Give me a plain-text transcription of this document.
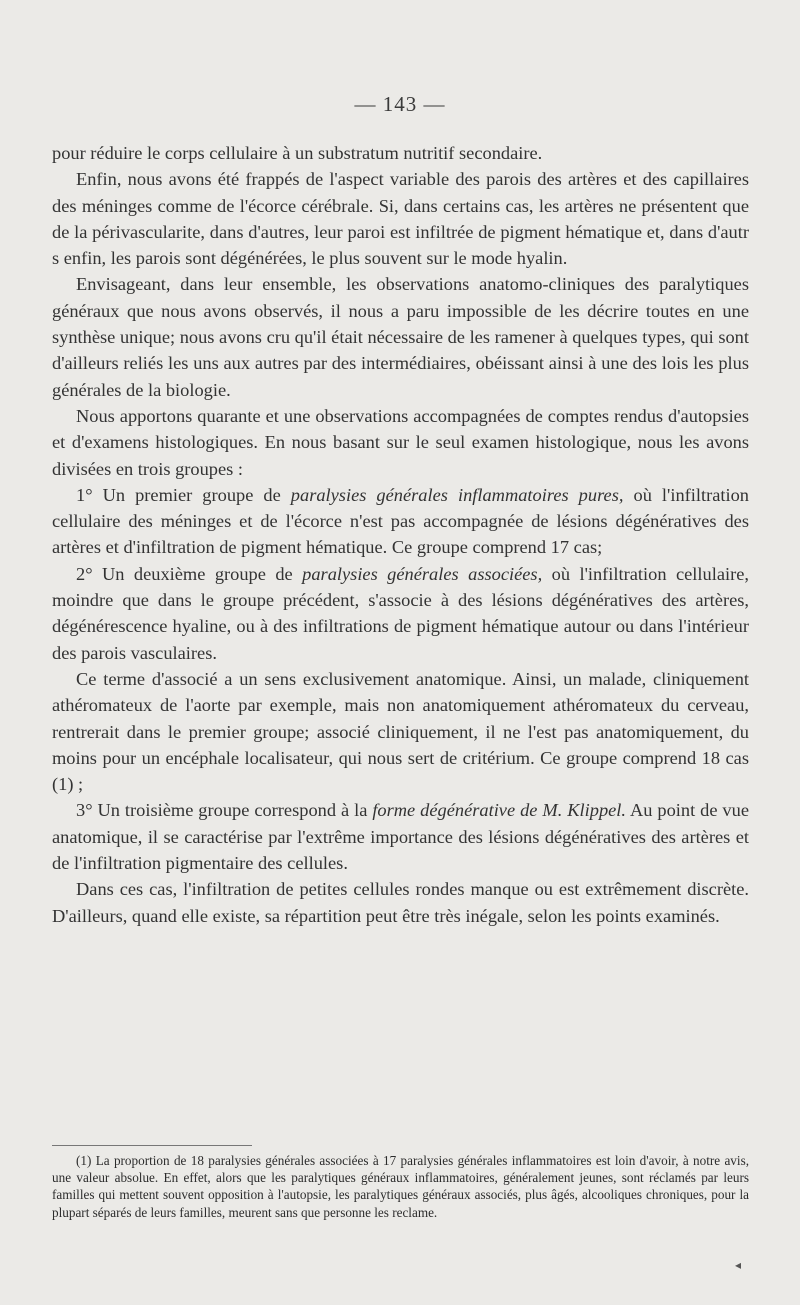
— 143 —

pour réduire le corps cellulaire à un substratum nutritif secondaire.

Enfin, nous avons été frappés de l'aspect variable des parois des artères et des capillaires des méninges comme de l'écorce cérébrale. Si, dans certains cas, les artères ne présentent que de la périvascularite, dans d'autres, leur paroi est infiltrée de pigment hématique et, dans d'autr s enfin, les parois sont dégénérées, le plus souvent sur le mode hyalin.

Envisageant, dans leur ensemble, les observations anatomo-cliniques des paralytiques généraux que nous avons observés, il nous a paru impossible de les décrire toutes en une synthèse unique; nous avons cru qu'il était nécessaire de les ramener à quelques types, qui sont d'ailleurs reliés les uns aux autres par des intermédiaires, obéissant ainsi à une des lois les plus générales de la biologie.

Nous apportons quarante et une observations accompagnées de comptes rendus d'autopsies et d'examens histologiques. En nous basant sur le seul examen histologique, nous les avons divisées en trois groupes :

1° Un premier groupe de paralysies générales inflammatoires pures, où l'infiltration cellulaire des méninges et de l'écorce n'est pas accompagnée de lésions dégénératives des artères et d'infiltration de pigment hématique. Ce groupe comprend 17 cas;

2° Un deuxième groupe de paralysies générales associées, où l'infiltration cellulaire, moindre que dans le groupe précédent, s'associe à des lésions dégénératives des artères, dégénérescence hyaline, ou à des infiltrations de pigment hématique autour ou dans l'intérieur des parois vasculaires.

Ce terme d'associé a un sens exclusivement anatomique. Ainsi, un malade, cliniquement athéromateux de l'aorte par exemple, mais non anatomiquement athéromateux du cerveau, rentrerait dans le premier groupe; associé cliniquement, il ne l'est pas anatomiquement, du moins pour un encéphale localisateur, qui nous sert de critérium. Ce groupe comprend 18 cas (1) ;

3° Un troisième groupe correspond à la forme dégénérative de M. Klippel. Au point de vue anatomique, il se caractérise par l'extrême importance des lésions dégénératives des artères et de l'infiltration pigmentaire des cellules.

Dans ces cas, l'infiltration de petites cellules rondes manque ou est extrêmement discrète. D'ailleurs, quand elle existe, sa répartition peut être très inégale, selon les points examinés.

(1) La proportion de 18 paralysies générales associées à 17 paralysies générales inflammatoires est loin d'avoir, à notre avis, une valeur absolue. En effet, alors que les paralytiques généraux inflammatoires, généralement jeunes, sont réclamés par leurs familles qui mettent souvent opposition à l'autopsie, les paralytiques généraux associés, plus âgés, alcooliques chroniques, pour la plupart séparés de leurs familles, meurent sans que personne les reclame.

◂
